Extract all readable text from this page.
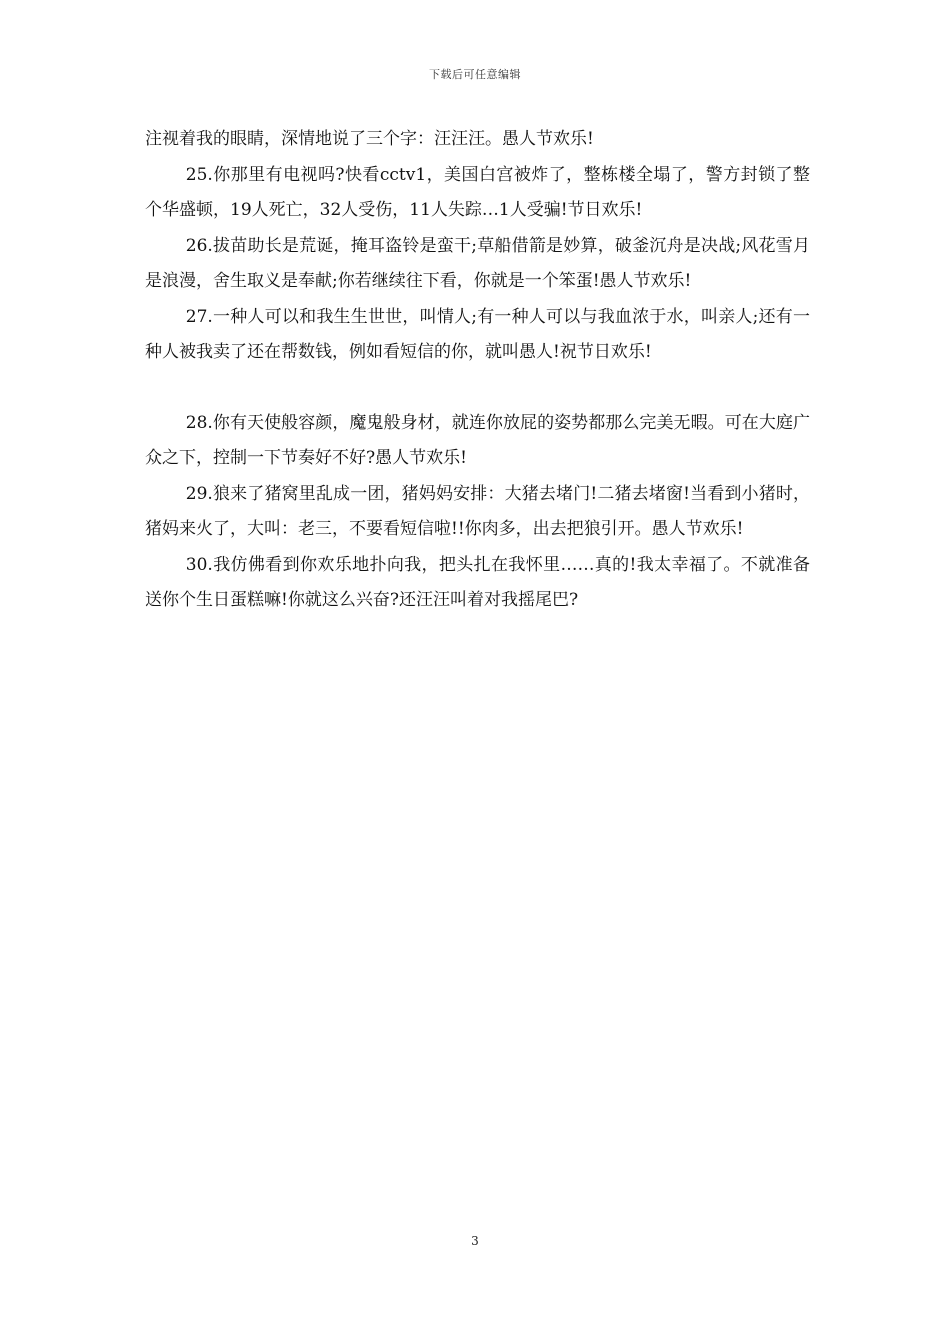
下载后可任意编辑

注视着我的眼睛，深情地说了三个字：汪汪汪。愚人节欢乐!

25.你那里有电视吗?快看cctv1，美国白宫被炸了，整栋楼全塌了，警方封锁了整个华盛顿，19人死亡，32人受伤，11人失踪…1人受骗!节日欢乐!

26.拔苗助长是荒诞，掩耳盗铃是蛮干;草船借箭是妙算，破釜沉舟是决战;风花雪月是浪漫，舍生取义是奉献;你若继续往下看，你就是一个笨蛋!愚人节欢乐!

27.一种人可以和我生生世世，叫情人;有一种人可以与我血浓于水，叫亲人;还有一种人被我卖了还在帮数钱，例如看短信的你，就叫愚人!祝节日欢乐!

28.你有天使般容颜，魔鬼般身材，就连你放屁的姿势都那么完美无暇。可在大庭广众之下，控制一下节奏好不好?愚人节欢乐!

29.狼来了猪窝里乱成一团，猪妈妈安排：大猪去堵门!二猪去堵窗!当看到小猪时，猪妈来火了，大叫：老三，不要看短信啦!!你肉多，出去把狼引开。愚人节欢乐!

30.我仿佛看到你欢乐地扑向我，把头扎在我怀里……真的!我太幸福了。不就准备送你个生日蛋糕嘛!你就这么兴奋?还汪汪叫着对我摇尾巴?

3
